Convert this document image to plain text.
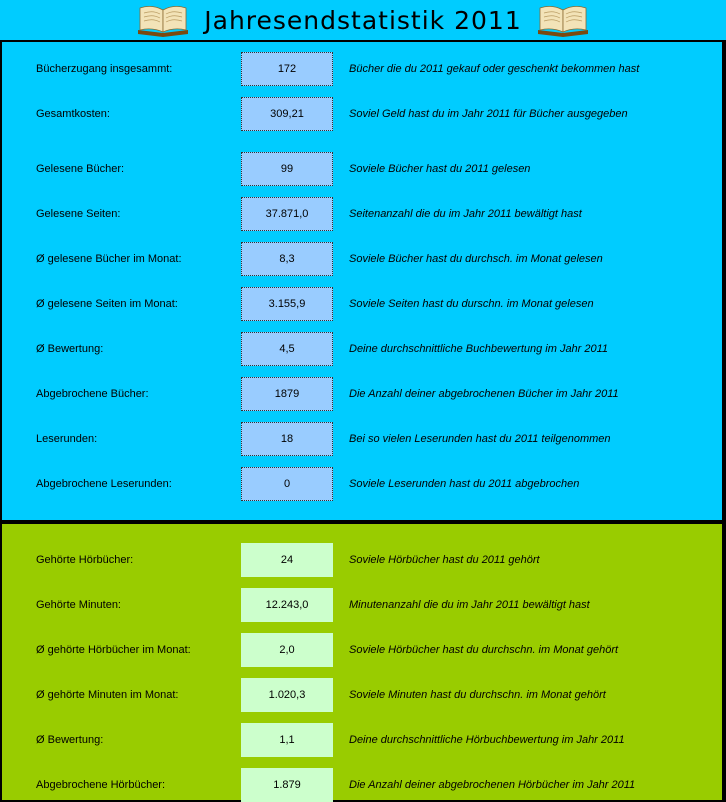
Jahresendstatistik 2011
Bücherzugang insgesammt:	172	Bücher die du 2011 gekauf oder geschenkt bekommen hast
Gesamtkosten:	309,21	Soviel Geld hast du im Jahr 2011 für Bücher ausgegeben
Gelesene Bücher:	99	Soviele Bücher hast du 2011 gelesen
Gelesene Seiten:	37.871,0	Seitenanzahl die du im Jahr 2011 bewältigt hast
Ø gelesene Bücher im Monat:	8,3	Soviele Bücher hast du durchsch. im Monat gelesen
Ø gelesene Seiten im Monat:	3.155,9	Soviele Seiten hast du durschn. im Monat gelesen
Ø Bewertung:	4,5	Deine durchschnittliche Buchbewertung im Jahr 2011
Abgebrochene Bücher:	1879	Die Anzahl deiner abgebrochenen Bücher im Jahr 2011
Leserunden:	18	Bei so vielen Leserunden hast du 2011 teilgenommen
Abgebrochene Leserunden:	0	Soviele Leserunden hast du 2011 abgebrochen
Gehörte Hörbücher:	24	Soviele Hörbücher hast du 2011 gehört
Gehörte Minuten:	12.243,0	Minutenanzahl die du im Jahr 2011 bewältigt hast
Ø gehörte Hörbücher im Monat:	2,0	Soviele Hörbücher hast du durchschn. im Monat gehört
Ø gehörte Minuten im Monat:	1.020,3	Soviele Minuten hast du durchschn. im Monat gehört
Ø Bewertung:	1,1	Deine durchschnittliche Hörbuchbewertung im Jahr 2011
Abgebrochene Hörbücher:	1.879	Die Anzahl deiner abgebrochenen Hörbücher im Jahr 2011
